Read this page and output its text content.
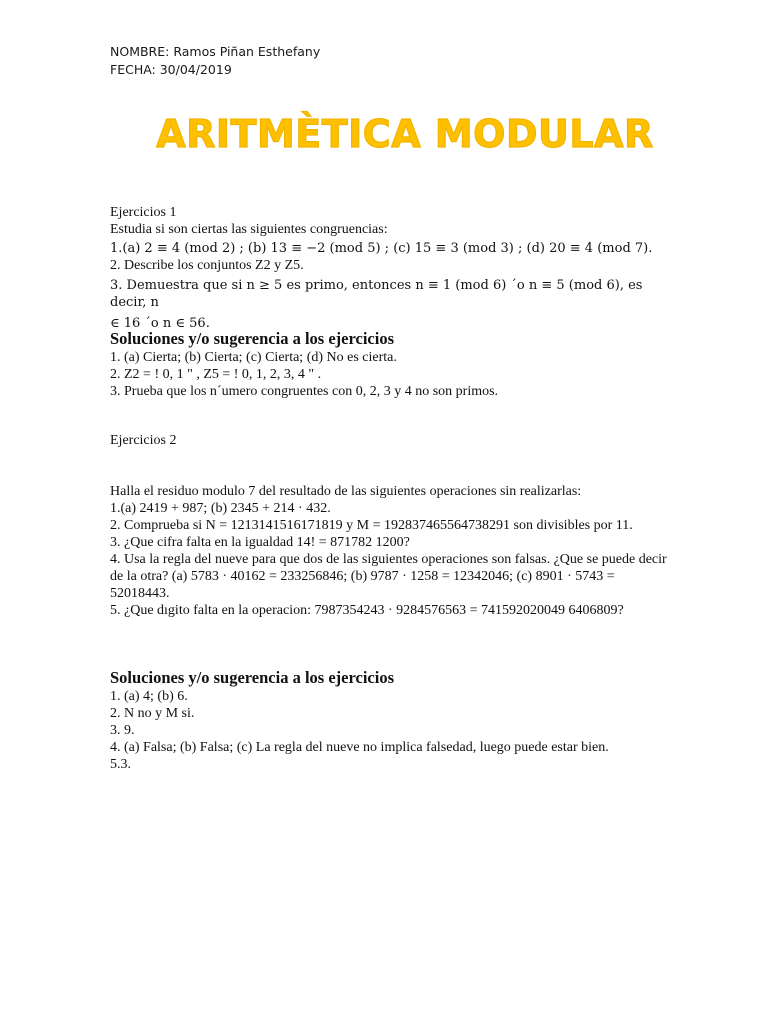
NOMBRE: Ramos Piñan Esthefany
FECHA: 30/04/2019
ARITMÈTICA MODULAR

Ejercicios 1

Estudia si son ciertas las siguientes congruencias:

1.(a) 2 ≡ 4 (mod 2) ; (b) 13 ≡ −2 (mod 5) ; (c) 15 ≡ 3 (mod 3) ; (d) 20 ≡ 4 (mod 7).

2. Describe los conjuntos Z2 y Z5.

3. Demuestra que si n ≥ 5 es primo, entonces n ≡ 1 (mod 6) ´o n ≡ 5 (mod 6), es decir, n

∈ 16 ´o n ∈ 56.

Soluciones y/o sugerencia a los ejercicios

1. (a) Cierta; (b) Cierta; (c) Cierta; (d) No es cierta.

2. Z2 = ! 0, 1 " , Z5 = ! 0, 1, 2, 3, 4 " .

3. Prueba que los n´umero congruentes con 0, 2, 3 y 4 no son primos.

Ejercicios 2

Halla el residuo modulo 7 del resultado de las siguientes operaciones sin realizarlas:

1.(a) 2419 + 987; (b) 2345 + 214 · 432.

2. Comprueba si N = 1213141516171819 y M = 192837465564738291 son divisibles por 11.

3. ¿Que cifra falta en la igualdad 14! = 871782 1200?

4. Usa la regla del nueve para que dos de las siguientes operaciones son falsas. ¿Que se puede decir de la otra? (a) 5783 · 40162 = 233256846; (b) 9787 · 1258 = 12342046; (c) 8901 · 5743 = 52018443.

5. ¿Que dıgito falta en la operacion: 7987354243 · 9284576563 = 741592020049 6406809?

Soluciones y/o sugerencia a los ejercicios

1. (a) 4; (b) 6.

2. N no y M si.

3. 9.

4. (a) Falsa; (b) Falsa; (c) La regla del nueve no implica falsedad, luego puede estar bien.

5.3.
